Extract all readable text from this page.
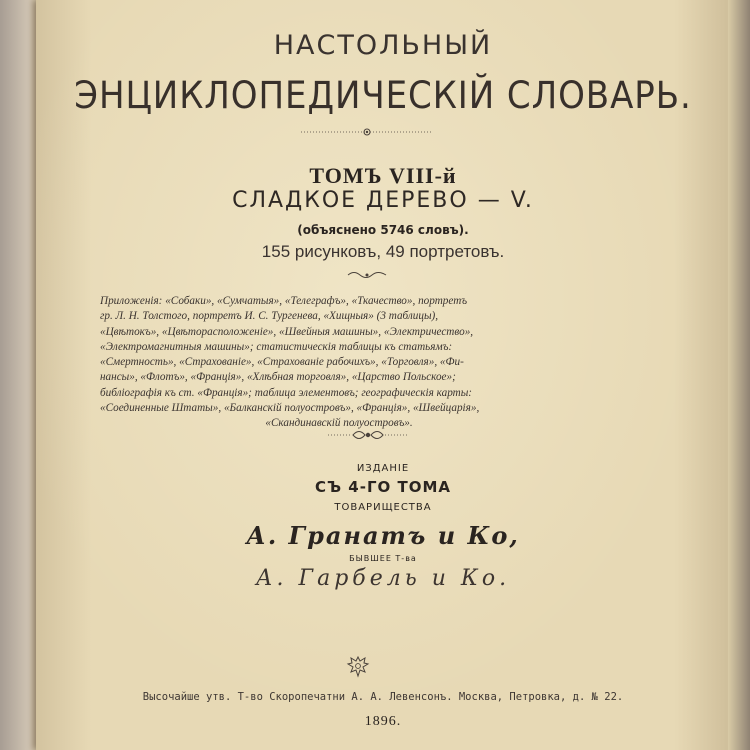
НАСТОЛЬНЫЙ
ЭНЦИКЛОПЕДИЧЕСКІЙ СЛОВАРЬ.
ТОМЪ VIII-й
СЛАДКОЕ ДЕРЕВО — V.
(объяснено 5746 словъ).
155 рисунковъ, 49 портретовъ.
Приложенія: «Собаки», «Сумчатыя», «Телеграфъ», «Ткачество», портретъ
гр. Л. Н. Толстого, портретъ И. С. Тургенева, «Хищныя» (3 таблицы),
«Цвѣтокъ», «Цвѣторасположеніе», «Швейныя машины», «Электричество»,
«Электромагнитныя машины»; статистическія таблицы къ статьямъ:
«Смертность», «Страхованіе», «Страхованіе рабочихъ», «Торговля», «Фи-
нансы», «Флотъ», «Франція», «Хлѣбная торговля», «Царство Польское»;
библіографія къ ст. «Франція»; таблица элементовъ; географическія карты:
«Соединенные Штаты», «Балканскій полуостровъ», «Франція», «Швейцарія»,
«Скандинавскій полуостровъ».
ИЗДАНІЕ
СЪ 4-ГО ТОМА
ТОВАРИЩЕСТВА
А. Гранатъ и Ко,
БЫВШЕЕ Т-ва
А. Гарбель и Ко.
Высочайше утв. Т-во Скоропечатни А. А. Левенсонъ. Москва, Петровка, д. № 22.
1896.
